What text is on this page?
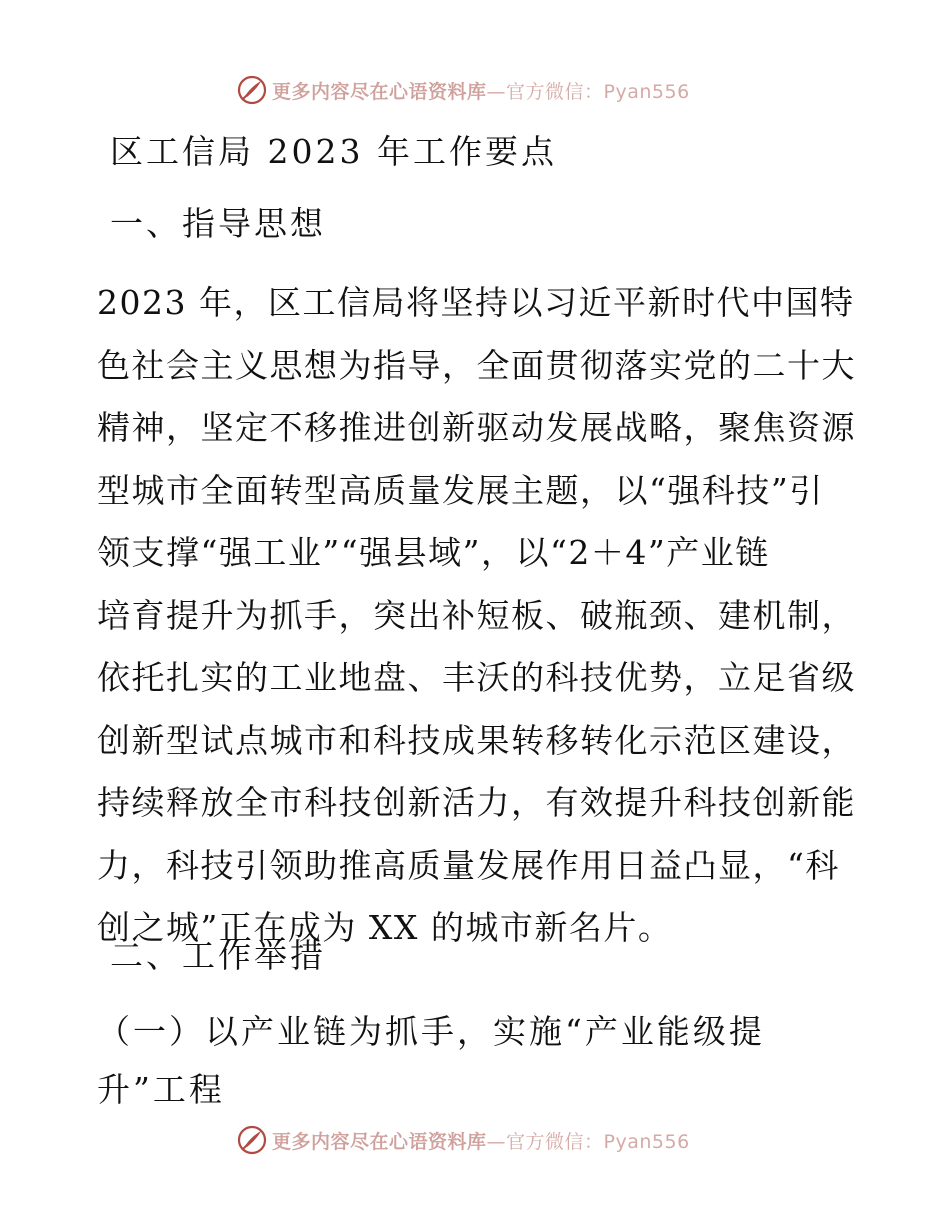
更多内容尽在心语资料库—官方微信：Pyan556
区工信局 2023 年工作要点
一、指导思想

2023 年，区工信局将坚持以习近平新时代中国特
色社会主义思想为指导，全面贯彻落实党的二十大
精神，坚定不移推进创新驱动发展战略，聚焦资源
型城市全面转型高质量发展主题，以“强科技”引
领支撑“强工业”“强县域”，以“2＋4”产业链
培育提升为抓手，突出补短板、破瓶颈、建机制，
依托扎实的工业地盘、丰沃的科技优势，立足省级
创新型试点城市和科技成果转移转化示范区建设，
持续释放全市科技创新活力，有效提升科技创新能
力，科技引领助推高质量发展作用日益凸显，“科
创之城”正在成为 XX 的城市新名片。

二、工作举措

（一）以产业链为抓手，实施“产业能级提
升”工程

更多内容尽在心语资料库—官方微信：Pyan556
